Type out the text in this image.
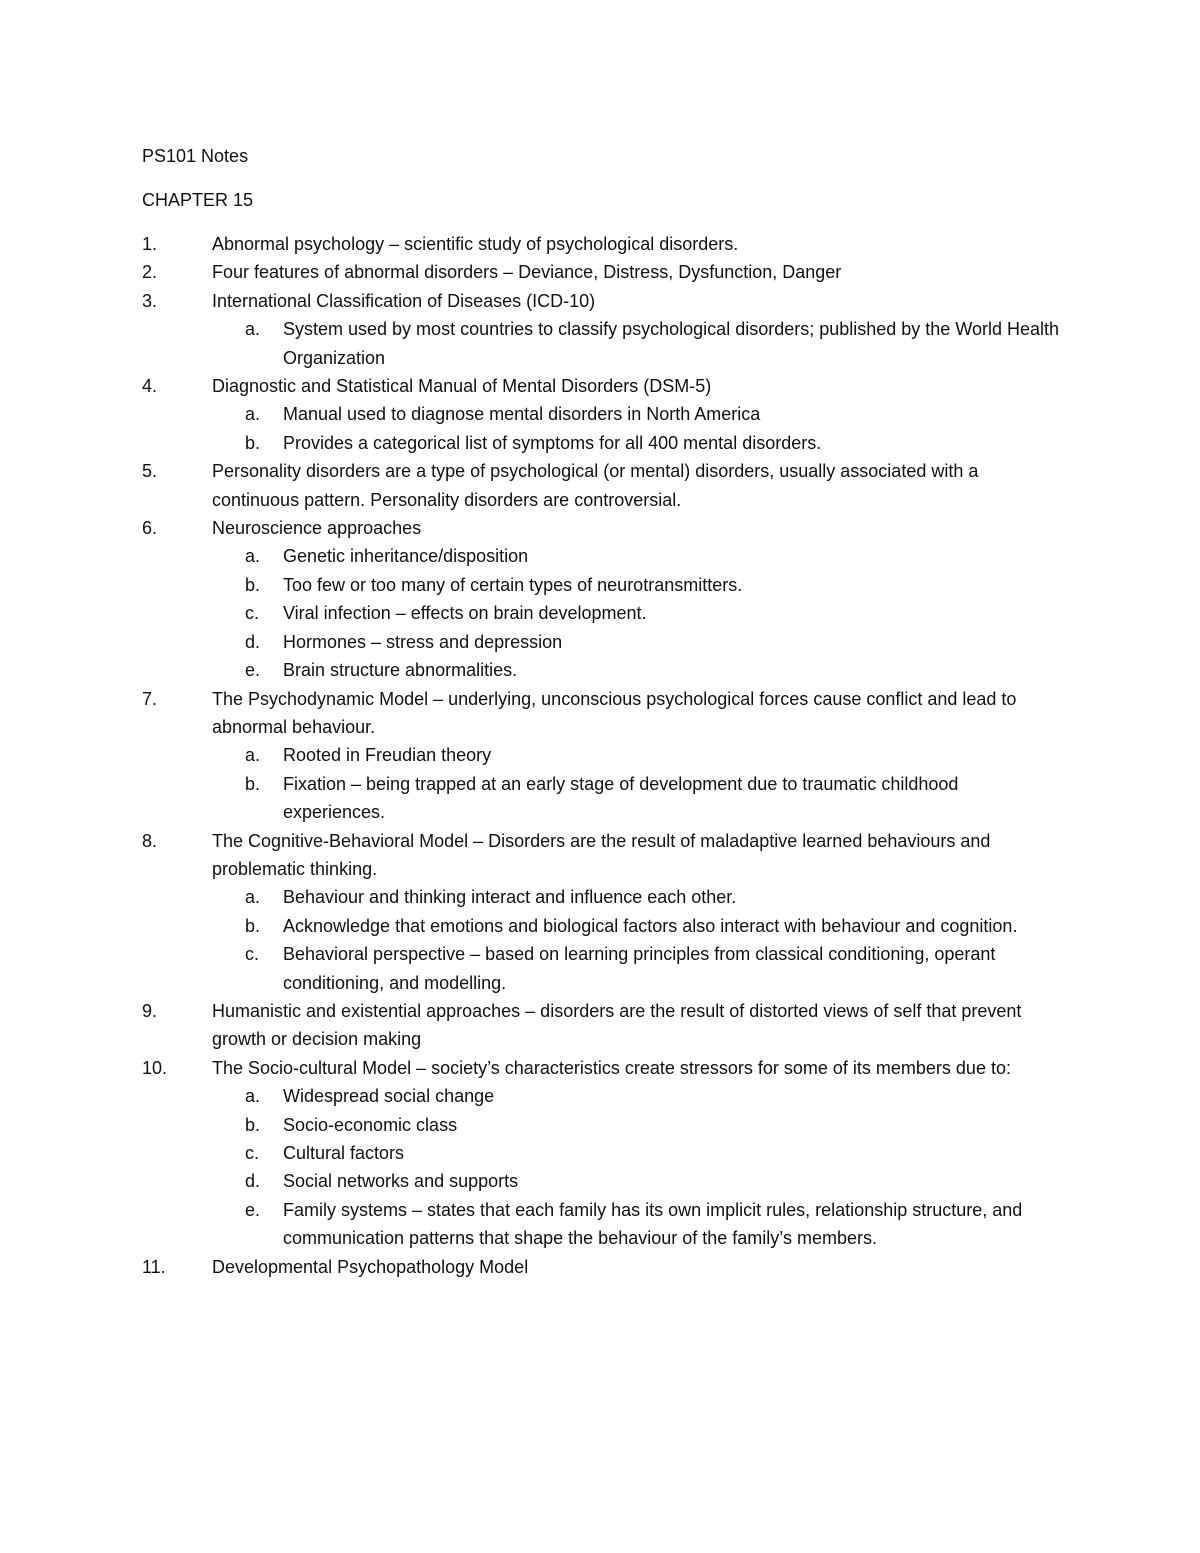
PS101 Notes
CHAPTER 15
1.	Abnormal psychology – scientific study of psychological disorders.
2.	Four features of abnormal disorders – Deviance, Distress, Dysfunction, Danger
3.	International Classification of Diseases (ICD-10)
a. System used by most countries to classify psychological disorders; published by the World Health Organization
4.	Diagnostic and Statistical Manual of Mental Disorders (DSM-5)
a. Manual used to diagnose mental disorders in North America
b. Provides a categorical list of symptoms for all 400 mental disorders.
5.	Personality disorders are a type of psychological (or mental) disorders, usually associated with a continuous pattern. Personality disorders are controversial.
6.	Neuroscience approaches
a. Genetic inheritance/disposition
b. Too few or too many of certain types of neurotransmitters.
c. Viral infection – effects on brain development.
d. Hormones – stress and depression
e. Brain structure abnormalities.
7.	The Psychodynamic Model – underlying, unconscious psychological forces cause conflict and lead to abnormal behaviour.
a. Rooted in Freudian theory
b. Fixation – being trapped at an early stage of development due to traumatic childhood experiences.
8.	The Cognitive-Behavioral Model – Disorders are the result of maladaptive learned behaviours and problematic thinking.
a. Behaviour and thinking interact and influence each other.
b. Acknowledge that emotions and biological factors also interact with behaviour and cognition.
c. Behavioral perspective – based on learning principles from classical conditioning, operant conditioning, and modelling.
9.	Humanistic and existential approaches – disorders are the result of distorted views of self that prevent growth or decision making
10.	The Socio-cultural Model – society’s characteristics create stressors for some of its members due to:
a. Widespread social change
b. Socio-economic class
c. Cultural factors
d. Social networks and supports
e. Family systems – states that each family has its own implicit rules, relationship structure, and communication patterns that shape the behaviour of the family’s members.
11.	Developmental Psychopathology Model
